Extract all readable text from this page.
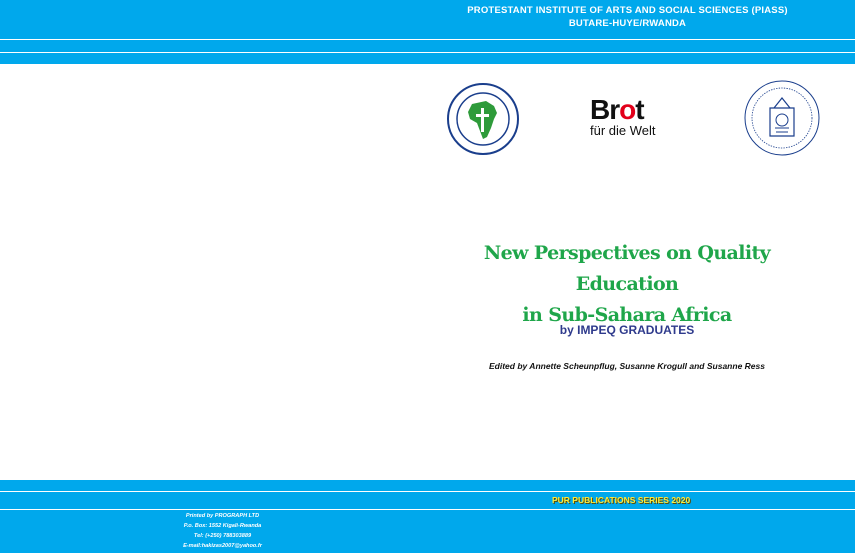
PROTESTANT INSTITUTE OF ARTS AND SOCIAL SCIENCES (PIASS)
BUTARE-HUYE/RWANDA
Brot
für die Welt
New Perspectives on Quality Education
in Sub-Sahara Africa
by IMPEQ GRADUATES
Edited by Annette Scheunpflug, Susanne Krogull and Susanne Ress
PUR PUBLICATIONS SERIES 2020
Printed by PROGRAPH LTD
P.o. Box: 1552 Kigali-Rwanda
Tel: (+250) 788303889
E-mail:hakizas2007@yahoo.fr
